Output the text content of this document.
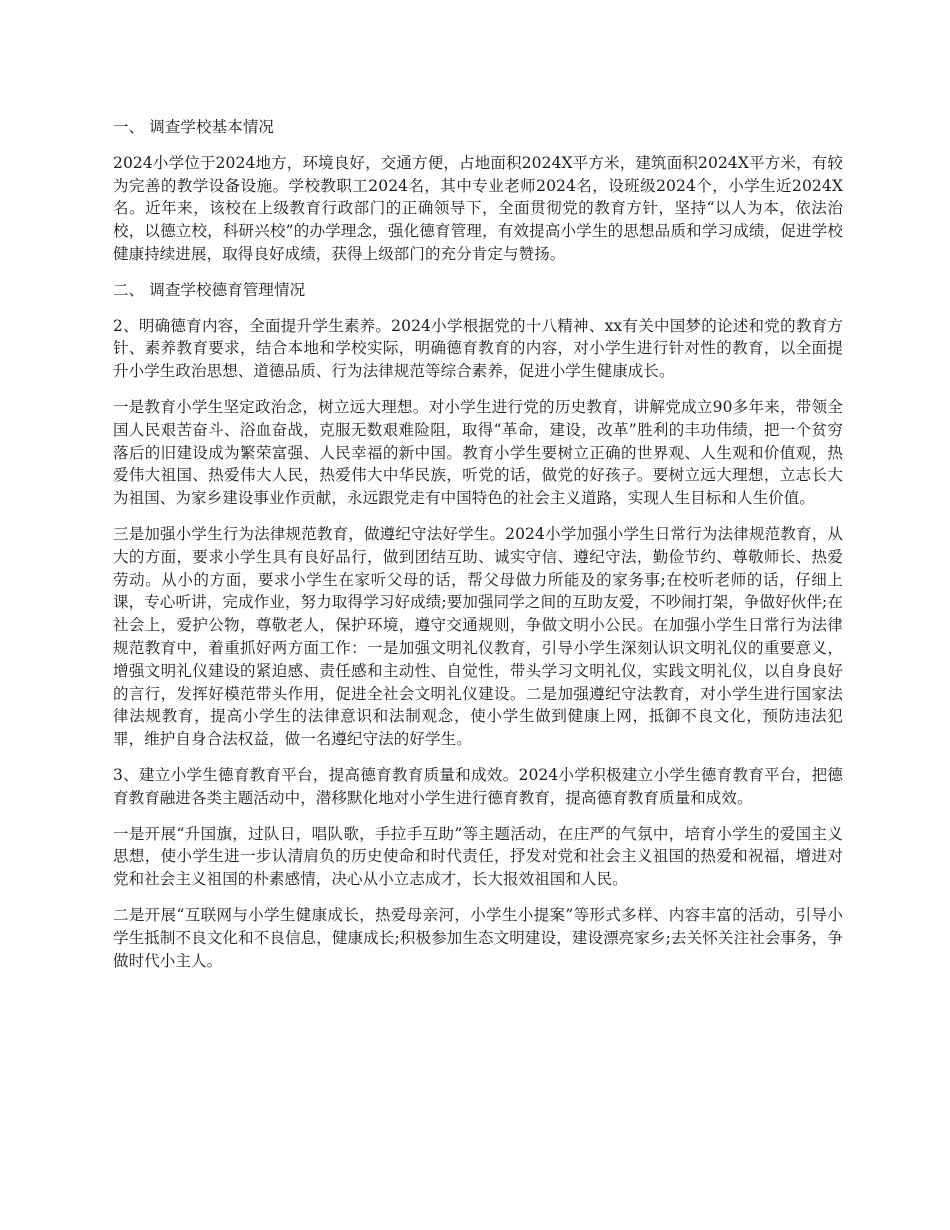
一、 调查学校基本情况

2024小学位于2024地方，环境良好，交通方便，占地面积2024X平方米，建筑面积2024X平方米，有较为完善的教学设备设施。学校教职工2024名，其中专业老师2024名，设班级2024个，小学生近2024X名。近年来，该校在上级教育行政部门的正确领导下，全面贯彻党的教育方针，坚持“以人为本，依法治校，以德立校，科研兴校”的办学理念，强化德育管理，有效提高小学生的思想品质和学习成绩，促进学校健康持续进展，取得良好成绩，获得上级部门的充分肯定与赞扬。

二、 调查学校德育管理情况

2、明确德育内容，全面提升学生素养。2024小学根据党的十八精神、xx有关中国梦的论述和党的教育方针、素养教育要求，结合本地和学校实际，明确德育教育的内容，对小学生进行针对性的教育，以全面提升小学生政治思想、道德品质、行为法律规范等综合素养，促进小学生健康成长。

一是教育小学生坚定政治念，树立远大理想。对小学生进行党的历史教育，讲解党成立90多年来，带领全国人民艰苦奋斗、浴血奋战，克服无数艰难险阻，取得“革命，建设，改革”胜利的丰功伟绩，把一个贫穷落后的旧建设成为繁荣富强、人民幸福的新中国。教育小学生要树立正确的世界观、人生观和价值观，热爱伟大祖国、热爱伟大人民，热爱伟大中华民族，听党的话，做党的好孩子。要树立远大理想，立志长大为祖国、为家乡建设事业作贡献，永远跟党走有中国特色的社会主义道路，实现人生目标和人生价值。

三是加强小学生行为法律规范教育，做遵纪守法好学生。2024小学加强小学生日常行为法律规范教育，从大的方面，要求小学生具有良好品行，做到团结互助、诚实守信、遵纪守法，勤俭节约、尊敬师长、热爱劳动。从小的方面，要求小学生在家听父母的话，帮父母做力所能及的家务事;在校听老师的话，仔细上课，专心听讲，完成作业，努力取得学习好成绩;要加强同学之间的互助友爱，不吵闹打架，争做好伙伴;在社会上，爱护公物，尊敬老人，保护环境，遵守交通规则，争做文明小公民。在加强小学生日常行为法律规范教育中，着重抓好两方面工作：一是加强文明礼仪教育，引导小学生深刻认识文明礼仪的重要意义，增强文明礼仪建设的紧迫感、责任感和主动性、自觉性，带头学习文明礼仪，实践文明礼仪，以自身良好的言行，发挥好模范带头作用，促进全社会文明礼仪建设。二是加强遵纪守法教育，对小学生进行国家法律法规教育，提高小学生的法律意识和法制观念，使小学生做到健康上网，抵御不良文化，预防违法犯罪，维护自身合法权益，做一名遵纪守法的好学生。

3、建立小学生德育教育平台，提高德育教育质量和成效。2024小学积极建立小学生德育教育平台，把德育教育融进各类主题活动中，潜移默化地对小学生进行德育教育，提高德育教育质量和成效。

一是开展“升国旗，过队日，唱队歌，手拉手互助”等主题活动，在庄严的气氛中，培育小学生的爱国主义思想，使小学生进一步认清肩负的历史使命和时代责任，抒发对党和社会主义祖国的热爱和祝福，增进对党和社会主义祖国的朴素感情，决心从小立志成才，长大报效祖国和人民。

二是开展“互联网与小学生健康成长，热爱母亲河，小学生小提案”等形式多样、内容丰富的活动，引导小学生抵制不良文化和不良信息，健康成长;积极参加生态文明建设，建设漂亮家乡;去关怀关注社会事务，争做时代小主人。
